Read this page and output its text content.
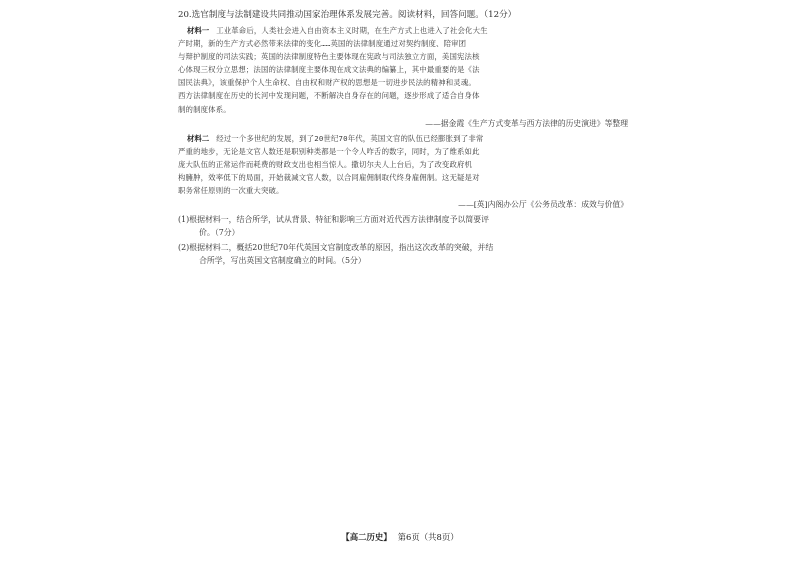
20.选官制度与法制建设共同推动国家治理体系发展完善。阅读材料，回答问题。（12分）

材料一 工业革命后，人类社会进入自由资本主义时期，在生产方式上也进入了社会化大生
产时期，新的生产方式必然带来法律的变化……英国的法律制度通过对契约制度、陪审团
与辩护制度的司法实践；英国的法律制度特色主要体现在宪政与司法独立方面，美国宪法核
心体现三权分立思想；法国的法律制度主要体现在成文法典的编纂上，其中最重要的是《法
国民法典》，该重保护个人生命权、自由权和财产权的思想是一切进步民法的精神和灵魂。
西方法律制度在历史的长河中发现问题，不断解决自身存在的问题，逐步形成了适合自身体
制的制度体系。
——据金霞《生产方式变革与西方法律的历史演进》等整理
材料二 经过一个多世纪的发展，到了20世纪70年代，英国文官的队伍已经膨胀到了非常
严重的地步，无论是文官人数还是职别种类都是一个令人咋舌的数字，同时，为了维系如此
庞大队伍的正常运作而耗费的财政支出也相当惊人。撒切尔夫人上台后，为了改变政府机
构臃肿，效率低下的局面，开始裁减文官人数，以合同雇佣制取代终身雇佣制。这无疑是对
职务常任原则的一次重大突破。
——[英]内阁办公厅《公务员改革：成效与价值》
(1)根据材料一，结合所学，试从背景、特征和影响三方面对近代西方法律制度予以简要评
价。（7分）
(2)根据材料二，概括20世纪70年代英国文官制度改革的原因，指出这次改革的突破，并结
合所学，写出英国文官制度确立的时间。（5分）
【高二历史】 第6页（共8页）
